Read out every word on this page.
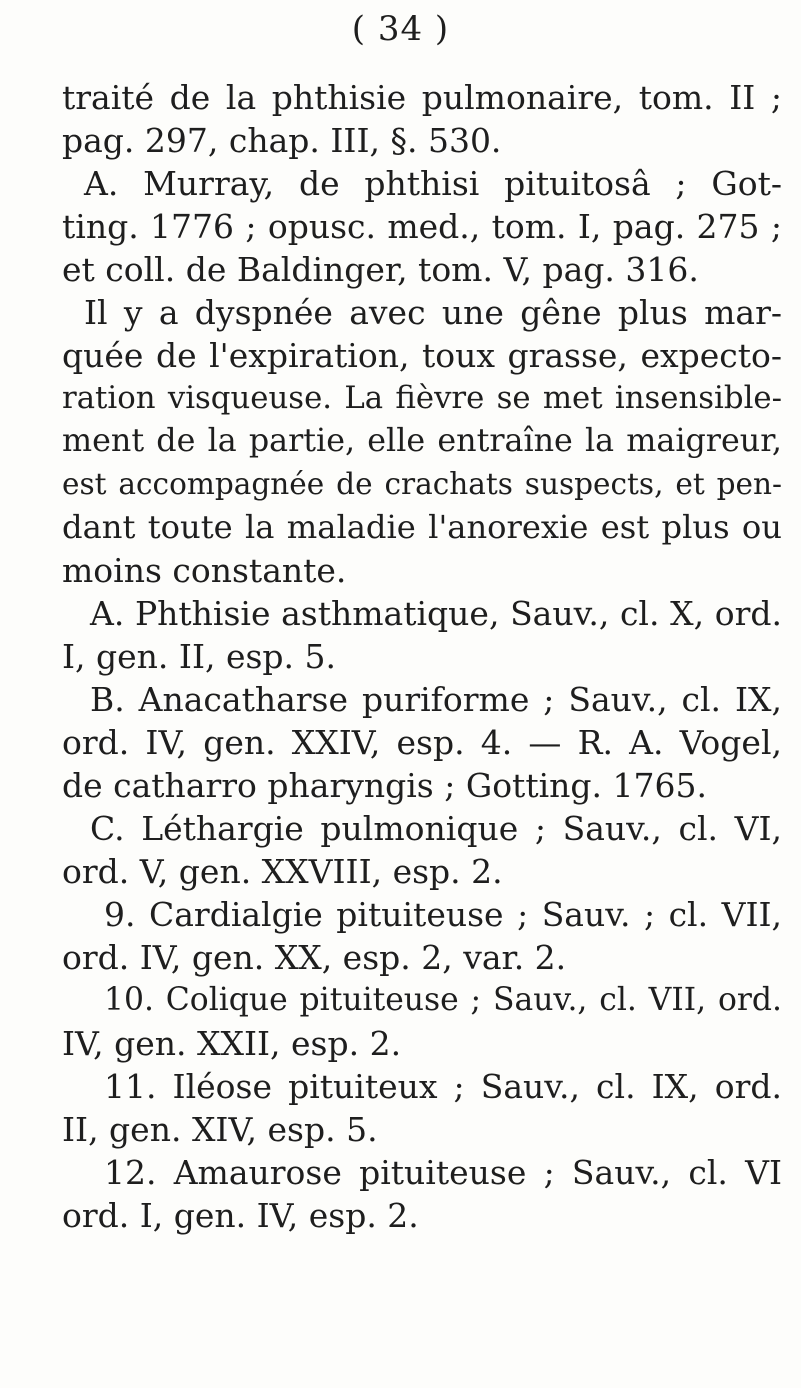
( 34 )
traité de la phthisie pulmonaire, tom. II ;
pag. 297, chap. III, §. 530.
A. Murray, de phthisi pituitosâ ; Got-
ting. 1776 ; opusc. med., tom. I, pag. 275 ;
et coll. de Baldinger, tom. V, pag. 316.
Il y a dyspnée avec une gêne plus mar-
quée de l'expiration, toux grasse, expecto-
ration visqueuse. La fièvre se met insensible-
ment de la partie, elle entraîne la maigreur,
est accompagnée de crachats suspects, et pen-
dant toute la maladie l'anorexie est plus ou
moins constante.
A. Phthisie asthmatique, Sauv., cl. X, ord.
I, gen. II, esp. 5.
B. Anacatharse puriforme ; Sauv., cl. IX,
ord. IV, gen. XXIV, esp. 4. — R. A. Vogel,
de catharro pharyngis ; Gotting. 1765.
C. Léthargie pulmonique ; Sauv., cl. VI,
ord. V, gen. XXVIII, esp. 2.
9. Cardialgie pituiteuse ; Sauv. ; cl. VII,
ord. IV, gen. XX, esp. 2, var. 2.
10. Colique pituiteuse ; Sauv., cl. VII, ord.
IV, gen. XXII, esp. 2.
11. Iléose pituiteux ; Sauv., cl. IX, ord.
II, gen. XIV, esp. 5.
12. Amaurose pituiteuse ; Sauv., cl. VI
ord. I, gen. IV, esp. 2.
